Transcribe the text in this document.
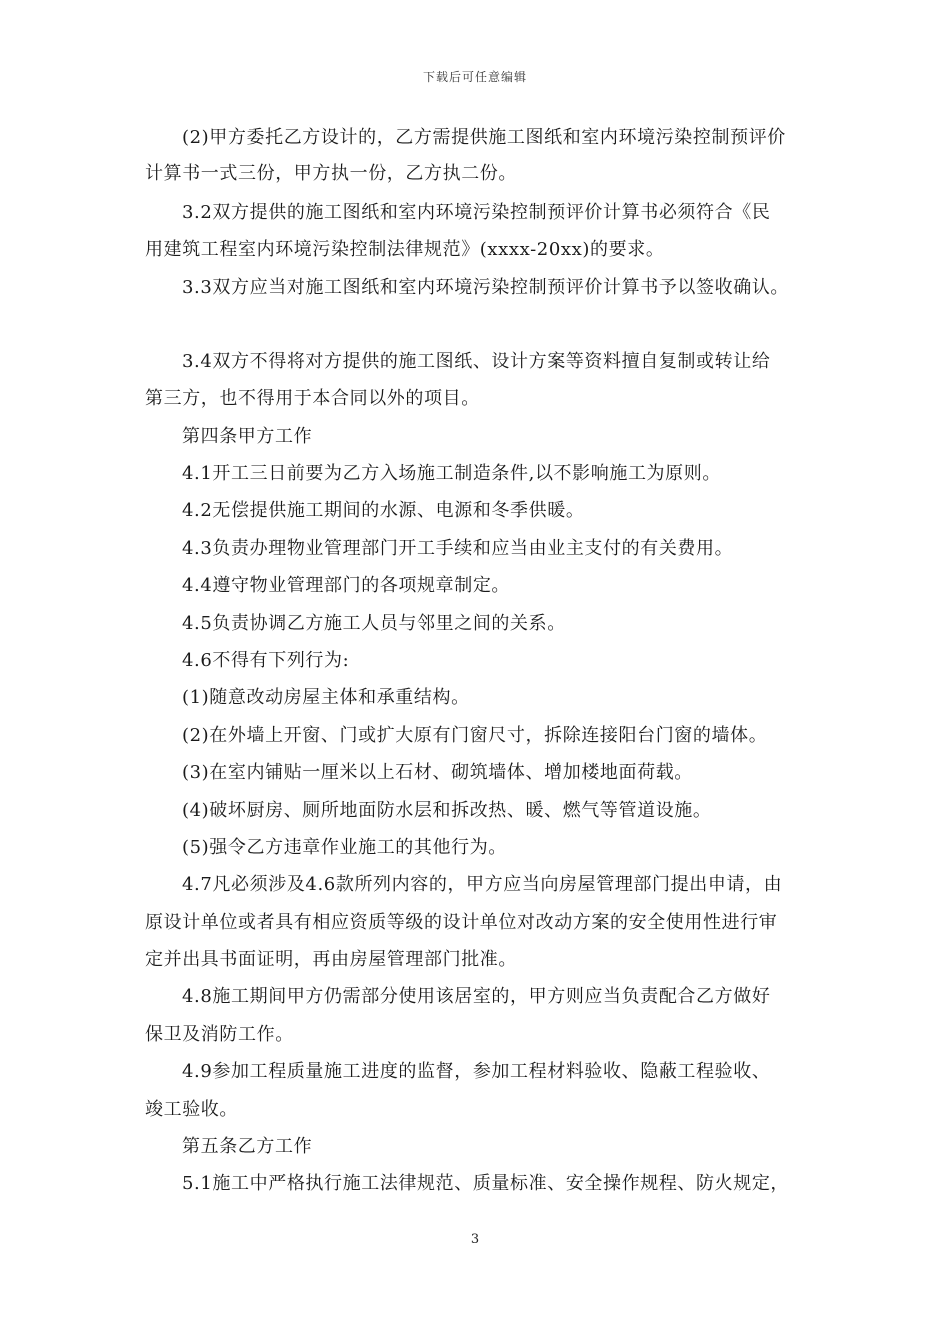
下载后可任意编辑
(2)甲方委托乙方设计的，乙方需提供施工图纸和室内环境污染控制预评价
计算书一式三份，甲方执一份，乙方执二份。
3.2双方提供的施工图纸和室内环境污染控制预评价计算书必须符合《民
用建筑工程室内环境污染控制法律规范》(xxxx-20xx)的要求。
3.3双方应当对施工图纸和室内环境污染控制预评价计算书予以签收确认。
3.4双方不得将对方提供的施工图纸、设计方案等资料擅自复制或转让给
第三方，也不得用于本合同以外的项目。
第四条甲方工作
4.1开工三日前要为乙方入场施工制造条件,以不影响施工为原则。
4.2无偿提供施工期间的水源、电源和冬季供暖。
4.3负责办理物业管理部门开工手续和应当由业主支付的有关费用。
4.4遵守物业管理部门的各项规章制定。
4.5负责协调乙方施工人员与邻里之间的关系。
4.6不得有下列行为:
(1)随意改动房屋主体和承重结构。
(2)在外墙上开窗、门或扩大原有门窗尺寸，拆除连接阳台门窗的墙体。
(3)在室内铺贴一厘米以上石材、砌筑墙体、增加楼地面荷载。
(4)破坏厨房、厕所地面防水层和拆改热、暖、燃气等管道设施。
(5)强令乙方违章作业施工的其他行为。
4.7凡必须涉及4.6款所列内容的，甲方应当向房屋管理部门提出申请，由
原设计单位或者具有相应资质等级的设计单位对改动方案的安全使用性进行审
定并出具书面证明，再由房屋管理部门批准。
4.8施工期间甲方仍需部分使用该居室的，甲方则应当负责配合乙方做好
保卫及消防工作。
4.9参加工程质量施工进度的监督，参加工程材料验收、隐蔽工程验收、
竣工验收。
第五条乙方工作
5.1施工中严格执行施工法律规范、质量标准、安全操作规程、防火规定，
3
